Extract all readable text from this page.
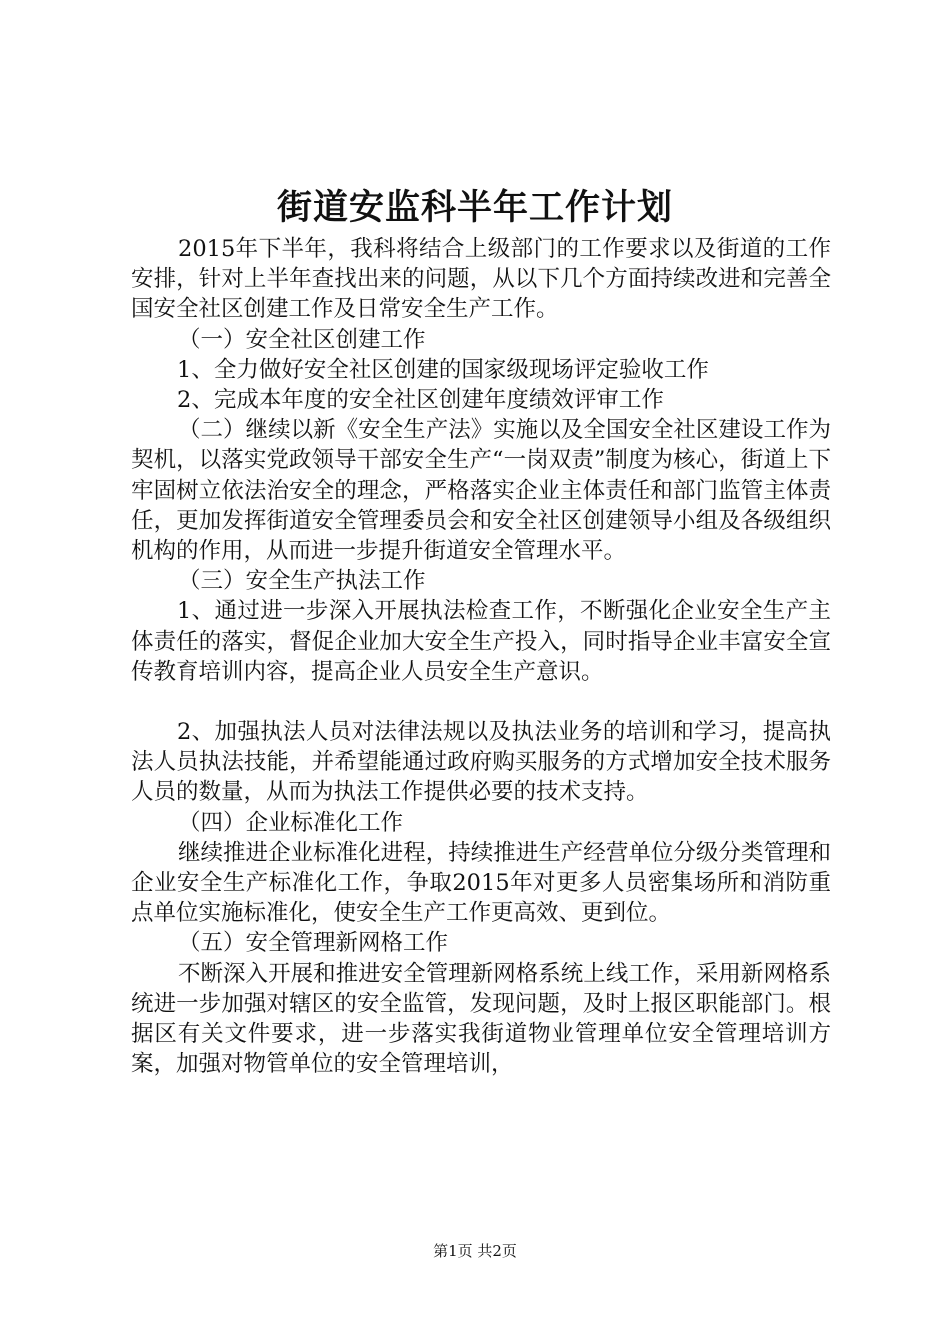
街道安监科半年工作计划

2015年下半年，我科将结合上级部门的工作要求以及街道的工作安排，针对上半年查找出来的问题，从以下几个方面持续改进和完善全国安全社区创建工作及日常安全生产工作。

（一）安全社区创建工作

1、全力做好安全社区创建的国家级现场评定验收工作

2、完成本年度的安全社区创建年度绩效评审工作

（二）继续以新《安全生产法》实施以及全国安全社区建设工作为契机，以落实党政领导干部安全生产“一岗双责”制度为核心，街道上下牢固树立依法治安全的理念，严格落实企业主体责任和部门监管主体责任，更加发挥街道安全管理委员会和安全社区创建领导小组及各级组织机构的作用，从而进一步提升街道安全管理水平。

（三）安全生产执法工作

1、通过进一步深入开展执法检查工作，不断强化企业安全生产主体责任的落实，督促企业加大安全生产投入，同时指导企业丰富安全宣传教育培训内容，提高企业人员安全生产意识。

2、加强执法人员对法律法规以及执法业务的培训和学习，提高执法人员执法技能，并希望能通过政府购买服务的方式增加安全技术服务人员的数量，从而为执法工作提供必要的技术支持。

（四）企业标准化工作

继续推进企业标准化进程，持续推进生产经营单位分级分类管理和企业安全生产标准化工作，争取2015年对更多人员密集场所和消防重点单位实施标准化，使安全生产工作更高效、更到位。

（五）安全管理新网格工作

不断深入开展和推进安全管理新网格系统上线工作，采用新网格系统进一步加强对辖区的安全监管，发现问题，及时上报区职能部门。根据区有关文件要求，进一步落实我街道物业管理单位安全管理培训方案，加强对物管单位的安全管理培训，

第1页 共2页
